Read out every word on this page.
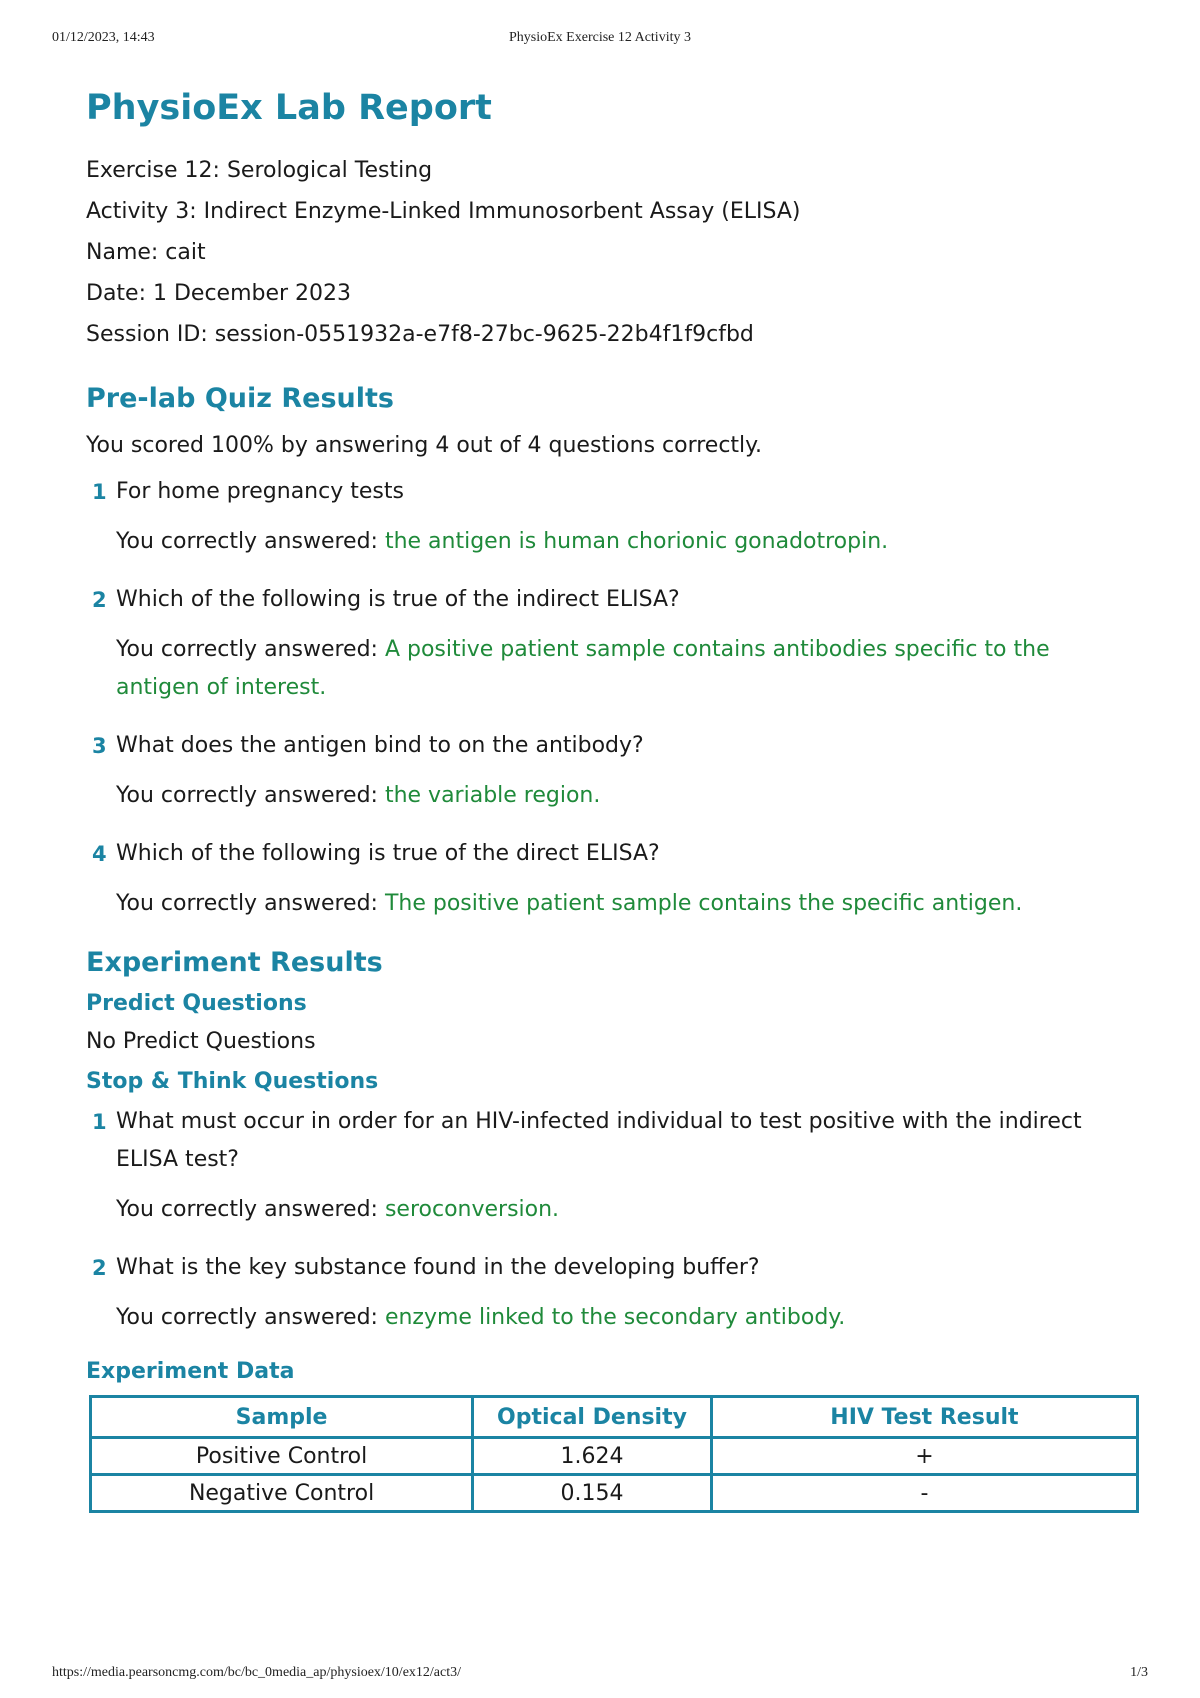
01/12/2023, 14:43	PhysioEx Exercise 12 Activity 3
PhysioEx Lab Report
Exercise 12: Serological Testing
Activity 3: Indirect Enzyme-Linked Immunosorbent Assay (ELISA)
Name: cait
Date: 1 December 2023
Session ID: session-0551932a-e7f8-27bc-9625-22b4f1f9cfbd
Pre-lab Quiz Results
You scored 100% by answering 4 out of 4 questions correctly.
1 For home pregnancy tests
You correctly answered: the antigen is human chorionic gonadotropin.
2 Which of the following is true of the indirect ELISA?
You correctly answered: A positive patient sample contains antibodies specific to the antigen of interest.
3 What does the antigen bind to on the antibody?
You correctly answered: the variable region.
4 Which of the following is true of the direct ELISA?
You correctly answered: The positive patient sample contains the specific antigen.
Experiment Results
Predict Questions
No Predict Questions
Stop & Think Questions
1 What must occur in order for an HIV-infected individual to test positive with the indirect ELISA test?
You correctly answered: seroconversion.
2 What is the key substance found in the developing buffer?
You correctly answered: enzyme linked to the secondary antibody.
Experiment Data
Sample	Optical Density	HIV Test Result
Positive Control	1.624	+
Negative Control	0.154	-
https://media.pearsoncmg.com/bc/bc_0media_ap/physioex/10/ex12/act3/	1/3
